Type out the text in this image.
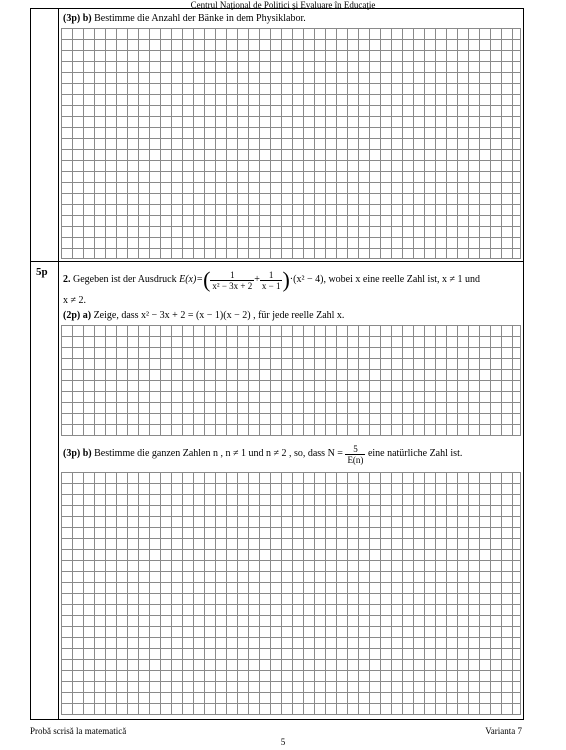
Centrul Naţional de Politici şi Evaluare în Educaţie
5p
(3p) b) Bestimme die Anzahl der Bänke in dem Physiklabor.
2.
Gegeben ist der Ausdruck
E(x)= ( $\frac{1}{\text{x² − 3x + 2}} + \frac{1}{x - 1}$ ) ·(x² − 4) , wobei x eine reelle Zahl ist, x ≠ 1 und
x ≠ 2.
(2p) a) Zeige, dass x² − 3x + 2 = (x − 1)(x − 2) , für jede reelle Zahl x.
(3p) b)
Bestimme die ganzen Zahlen n , n ≠ 1 und n ≠ 2 , so, dass N =
$\frac{5}{E(n)}$
eine natürliche Zahl ist.
Probă scrisă la matematică	Varianta 7
5
